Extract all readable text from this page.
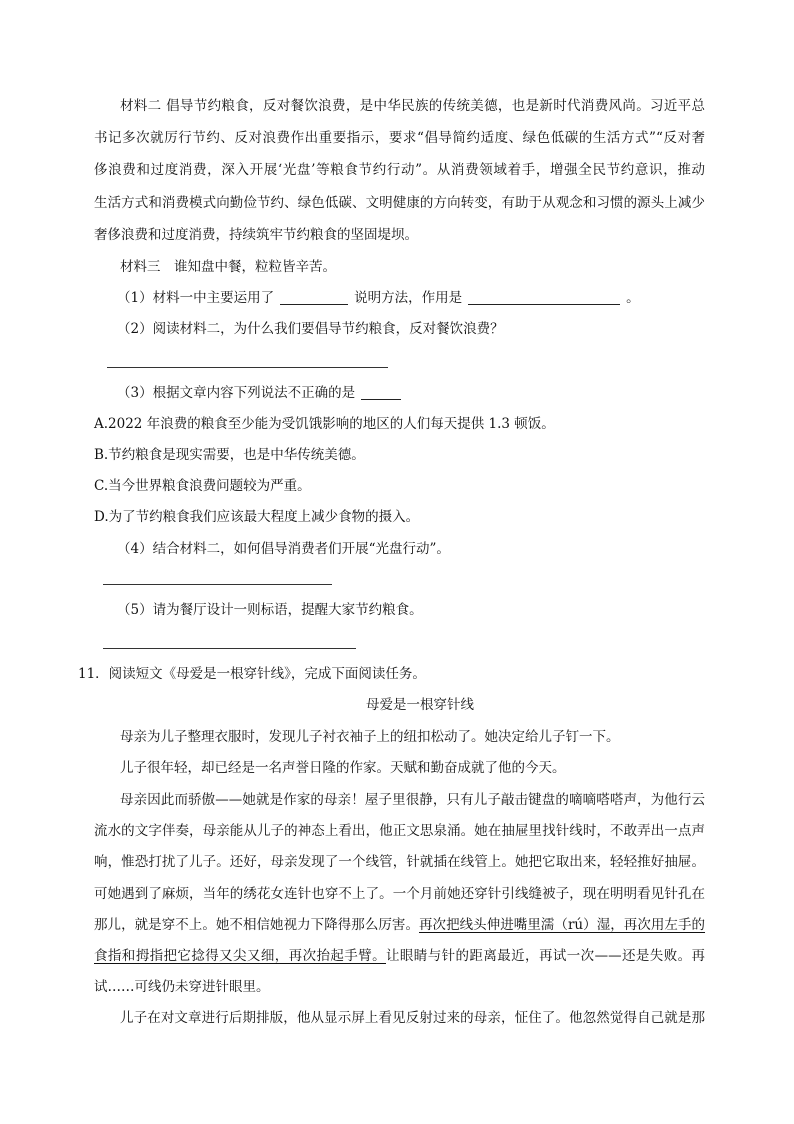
材料二 倡导节约粮食，反对餐饮浪费，是中华民族的传统美德，也是新时代消费风尚。习近平总
书记多次就厉行节约、反对浪费作出重要指示，要求“倡导简约适度、绿色低碳的生活方式”“反对奢
侈浪费和过度消费，深入开展‘光盘’等粮食节约行动”。从消费领域着手，增强全民节约意识，推动
生活方式和消费模式向勤俭节约、绿色低碳、文明健康的方向转变，有助于从观念和习惯的源头上减少
奢侈浪费和过度消费，持续筑牢节约粮食的坚固堤坝。
材料三　谁知盘中餐，粒粒皆辛苦。
（1）材料一中主要运用了	说明方法，作用是	。
（2）阅读材料二，为什么我们要倡导节约粮食，反对餐饮浪费？
（3）根据文章内容下列说法不正确的是
A.2022 年浪费的粮食至少能为受饥饿影响的地区的人们每天提供 1.3 顿饭。
B.节约粮食是现实需要，也是中华传统美德。
C.当今世界粮食浪费问题较为严重。
D.为了节约粮食我们应该最大程度上减少食物的摄入。
（4）结合材料二，如何倡导消费者们开展“光盘行动”。
（5）请为餐厅设计一则标语，提醒大家节约粮食。
11．阅读短文《母爱是一根穿针线》，完成下面阅读任务。
母爱是一根穿针线
母亲为儿子整理衣服时，发现儿子衬衣袖子上的纽扣松动了。她决定给儿子钉一下。
儿子很年轻，却已经是一名声誉日隆的作家。天赋和勤奋成就了他的今天。
母亲因此而骄傲——她就是作家的母亲！屋子里很静，只有儿子敲击键盘的嘀嘀嗒嗒声，为他行云
流水的文字伴奏，母亲能从儿子的神态上看出，他正文思泉涌。她在抽屉里找针线时，不敢弄出一点声
响，惟恐打扰了儿子。还好，母亲发现了一个线管，针就插在线管上。她把它取出来，轻轻推好抽屉。
可她遇到了麻烦，当年的绣花女连针也穿不上了。一个月前她还穿针引线缝被子，现在明明看见针孔在
那儿，就是穿不上。她不相信她视力下降得那么厉害。再次把线头伸进嘴里濡（rú）湿，再次用左手的
食指和拇指把它捻得又尖又细，再次抬起手臂。让眼睛与针的距离最近，再试一次——还是失败。再
试……可线仍未穿进针眼里。
儿子在对文章进行后期排版，他从显示屏上看见反射过来的母亲，怔住了。他忽然觉得自己就是那
